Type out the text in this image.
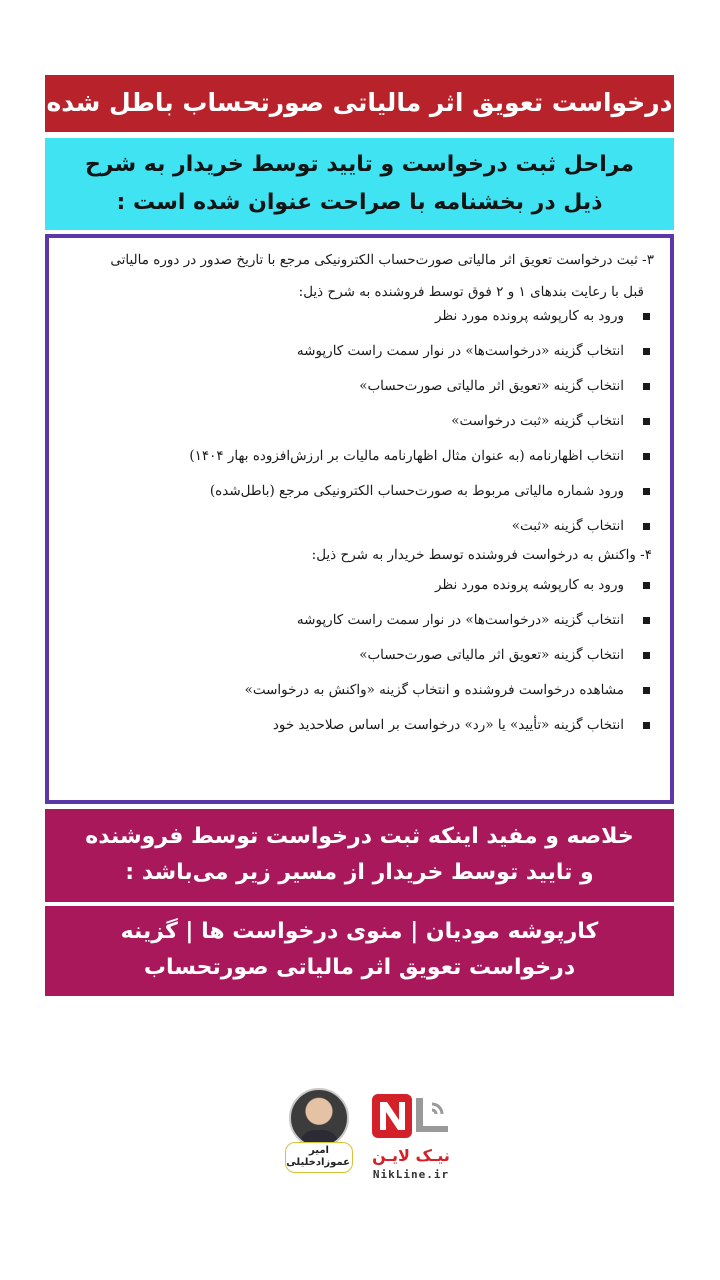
درخواست تعویق اثر مالیاتی صورتحساب باطل شده
مراحل ثبت درخواست و تایید توسط خریدار به شرح
ذیل در بخشنامه با صراحت عنوان شده است :
۳- ثبت درخواست تعویق اثر مالیاتی صورت‌حساب الکترونیکی مرجع با تاریخ صدور در دوره مالیاتی
قبل با رعایت بندهای ۱ و ۲ فوق توسط فروشنده به شرح ذیل:
ورود به کارپوشه پرونده مورد نظر
انتخاب گزینه «درخواست‌ها» در نوار سمت راست کارپوشه
انتخاب گزینه «تعویق اثر مالیاتی صورت‌حساب»
انتخاب گزینه «ثبت درخواست»
انتخاب اظهارنامه (به عنوان مثال اظهارنامه مالیات بر ارزش‌افزوده بهار ۱۴۰۴)
ورود شماره مالیاتی مربوط به صورت‌حساب الکترونیکی مرجع (باطل‌شده)
انتخاب گزینه «ثبت»
۴- واکنش به درخواست فروشنده توسط خریدار به شرح ذیل:
ورود به کارپوشه پرونده مورد نظر
انتخاب گزینه «درخواست‌ها» در نوار سمت راست کارپوشه
انتخاب گزینه «تعویق اثر مالیاتی صورت‌حساب»
مشاهده درخواست فروشنده و انتخاب گزینه «واکنش به درخواست»
انتخاب گزینه «تأیید» یا «رد» درخواست بر اساس صلاحدید خود
خلاصه و مفید اینکه ثبت درخواست توسط فروشنده
و تایید توسط خریدار از مسیر زیر می‌باشد :
کارپوشه مودیان | منوی درخواست ها | گزینه
درخواست تعویق اثر مالیاتی صورتحساب
امیر
عموزادخلیلی	نیـک لایـن
NikLine.ir
